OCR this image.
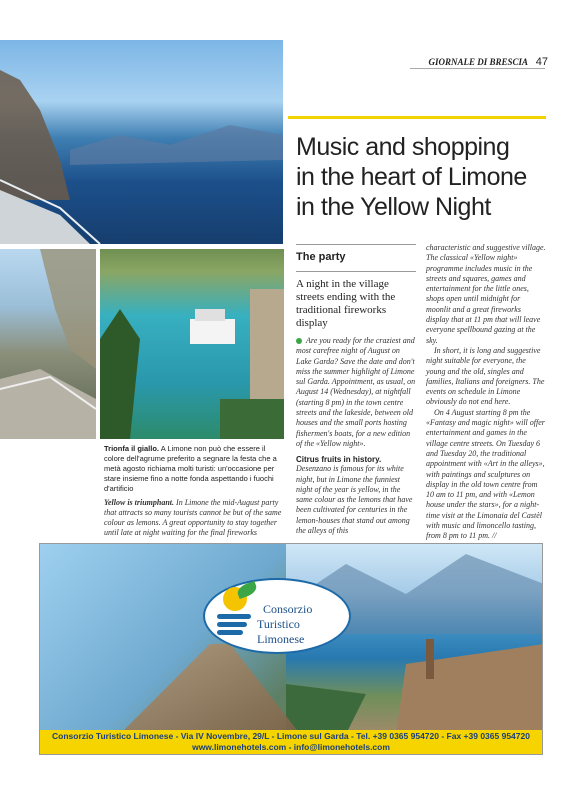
GIORNALE DI BRESCIA 47
Music and shopping
in the heart of Limone
in the Yellow Night
The party
A night in the village streets ending with the traditional fireworks display
Are you ready for the craziest and most carefree night of August on Lake Garda? Save the date and don't miss the summer highlight of Limone sul Garda. Appointment, as usual, on August 14 (Wednesday), at nightfall (starting 8 pm) in the town centre streets and the lakeside, between old houses and the small ports hosting fishermen's boats, for a new edition of the «Yellow night».
Citrus fruits in history.
Desenzano is famous for its white night, but in Limone the funniest night of the year is yellow, in the same colour as the lemons that have been cultivated for centuries in the lemon-houses that stand out among the alleys of this
characteristic and suggestive village. The classical «Yellow night» programme includes music in the streets and squares, games and entertainment for the little ones, shops open until midnight for moonlit and a great fireworks display that at 11 pm that will leave everyone spellbound gazing at the sky.
In short, it is long and suggestive night suitable for everyone, the young and the old, singles and families, Italians and foreigners. The events on schedule in Limone obviously do not end here.
On 4 August starting 8 pm the «Fantasy and magic night» will offer entertainment and games in the village centre streets. On Tuesday 6 and Tuesday 20, the traditional appointment with «Art in the alleys», with paintings and sculptures on display in the old town centre from 10 am to 11 pm, and with «Lemon house under the stars», for a night-time visit at the Limonaia del Castèl with music and limoncello tasting, from 8 pm to 11 pm. //
Trionfa il giallo. A Limone non può che essere il colore dell'agrume preferito a segnare la festa che a metà agosto richiama molti turisti: un'occasione per stare insieme fino a notte fonda aspettando i fuochi d'artificio
Yellow is triumphant. In Limone the mid-August party that attracts so many tourists cannot be but of the same colour as lemons. A great opportunity to stay together until late at night waiting for the final fireworks
Consorzio
Turistico Limonese
Consorzio Turistico Limonese - Via IV Novembre, 29/L - Limone sul Garda - Tel. +39 0365 954720 - Fax +39 0365 954720
www.limonehotels.com - info@limonehotels.com
